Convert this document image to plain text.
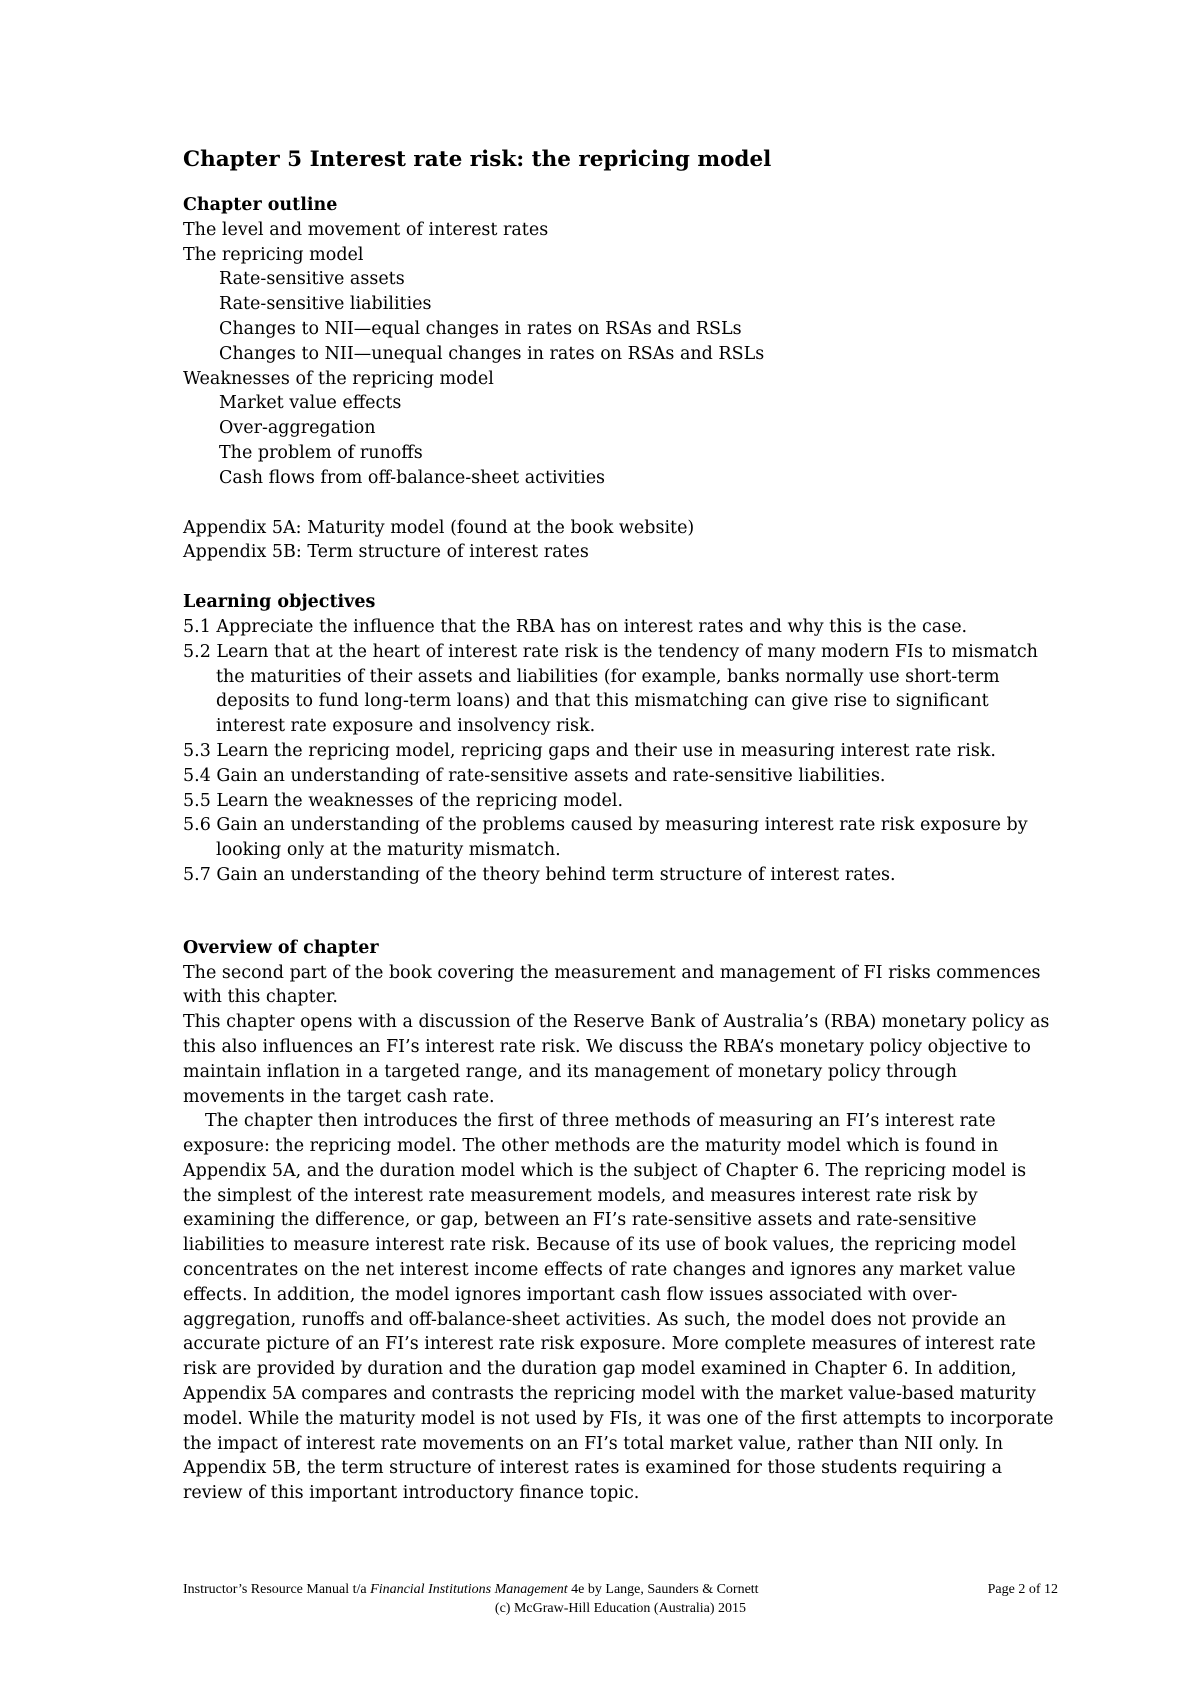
Chapter 5 Interest rate risk: the repricing model
Chapter outline
The level and movement of interest rates
The repricing model
Rate-sensitive assets
Rate-sensitive liabilities
Changes to NII—equal changes in rates on RSAs and RSLs
Changes to NII—unequal changes in rates on RSAs and RSLs
Weaknesses of the repricing model
Market value effects
Over-aggregation
The problem of runoffs
Cash flows from off-balance-sheet activities
Appendix 5A: Maturity model (found at the book website)
Appendix 5B: Term structure of interest rates
Learning objectives
5.1 Appreciate the influence that the RBA has on interest rates and why this is the case.
5.2 Learn that at the heart of interest rate risk is the tendency of many modern FIs to mismatch the maturities of their assets and liabilities (for example, banks normally use short-term deposits to fund long-term loans) and that this mismatching can give rise to significant interest rate exposure and insolvency risk.
5.3 Learn the repricing model, repricing gaps and their use in measuring interest rate risk.
5.4 Gain an understanding of rate-sensitive assets and rate-sensitive liabilities.
5.5 Learn the weaknesses of the repricing model.
5.6 Gain an understanding of the problems caused by measuring interest rate risk exposure by looking only at the maturity mismatch.
5.7 Gain an understanding of the theory behind term structure of interest rates.
Overview of chapter
The second part of the book covering the measurement and management of FI risks commences with this chapter.
This chapter opens with a discussion of the Reserve Bank of Australia’s (RBA) monetary policy as this also influences an FI’s interest rate risk. We discuss the RBA’s monetary policy objective to maintain inflation in a targeted range, and its management of monetary policy through movements in the target cash rate.
The chapter then introduces the first of three methods of measuring an FI’s interest rate exposure: the repricing model. The other methods are the maturity model which is found in Appendix 5A, and the duration model which is the subject of Chapter 6. The repricing model is the simplest of the interest rate measurement models, and measures interest rate risk by examining the difference, or gap, between an FI’s rate-sensitive assets and rate-sensitive liabilities to measure interest rate risk. Because of its use of book values, the repricing model concentrates on the net interest income effects of rate changes and ignores any market value effects. In addition, the model ignores important cash flow issues associated with over-aggregation, runoffs and off-balance-sheet activities. As such, the model does not provide an accurate picture of an FI’s interest rate risk exposure. More complete measures of interest rate risk are provided by duration and the duration gap model examined in Chapter 6. In addition, Appendix 5A compares and contrasts the repricing model with the market value-based maturity model. While the maturity model is not used by FIs, it was one of the first attempts to incorporate the impact of interest rate movements on an FI’s total market value, rather than NII only. In Appendix 5B, the term structure of interest rates is examined for those students requiring a review of this important introductory finance topic.
Instructor’s Resource Manual t/a Financial Institutions Management 4e by Lange, Saunders & Cornett	Page 2 of 12
(c) McGraw-Hill Education (Australia) 2015
